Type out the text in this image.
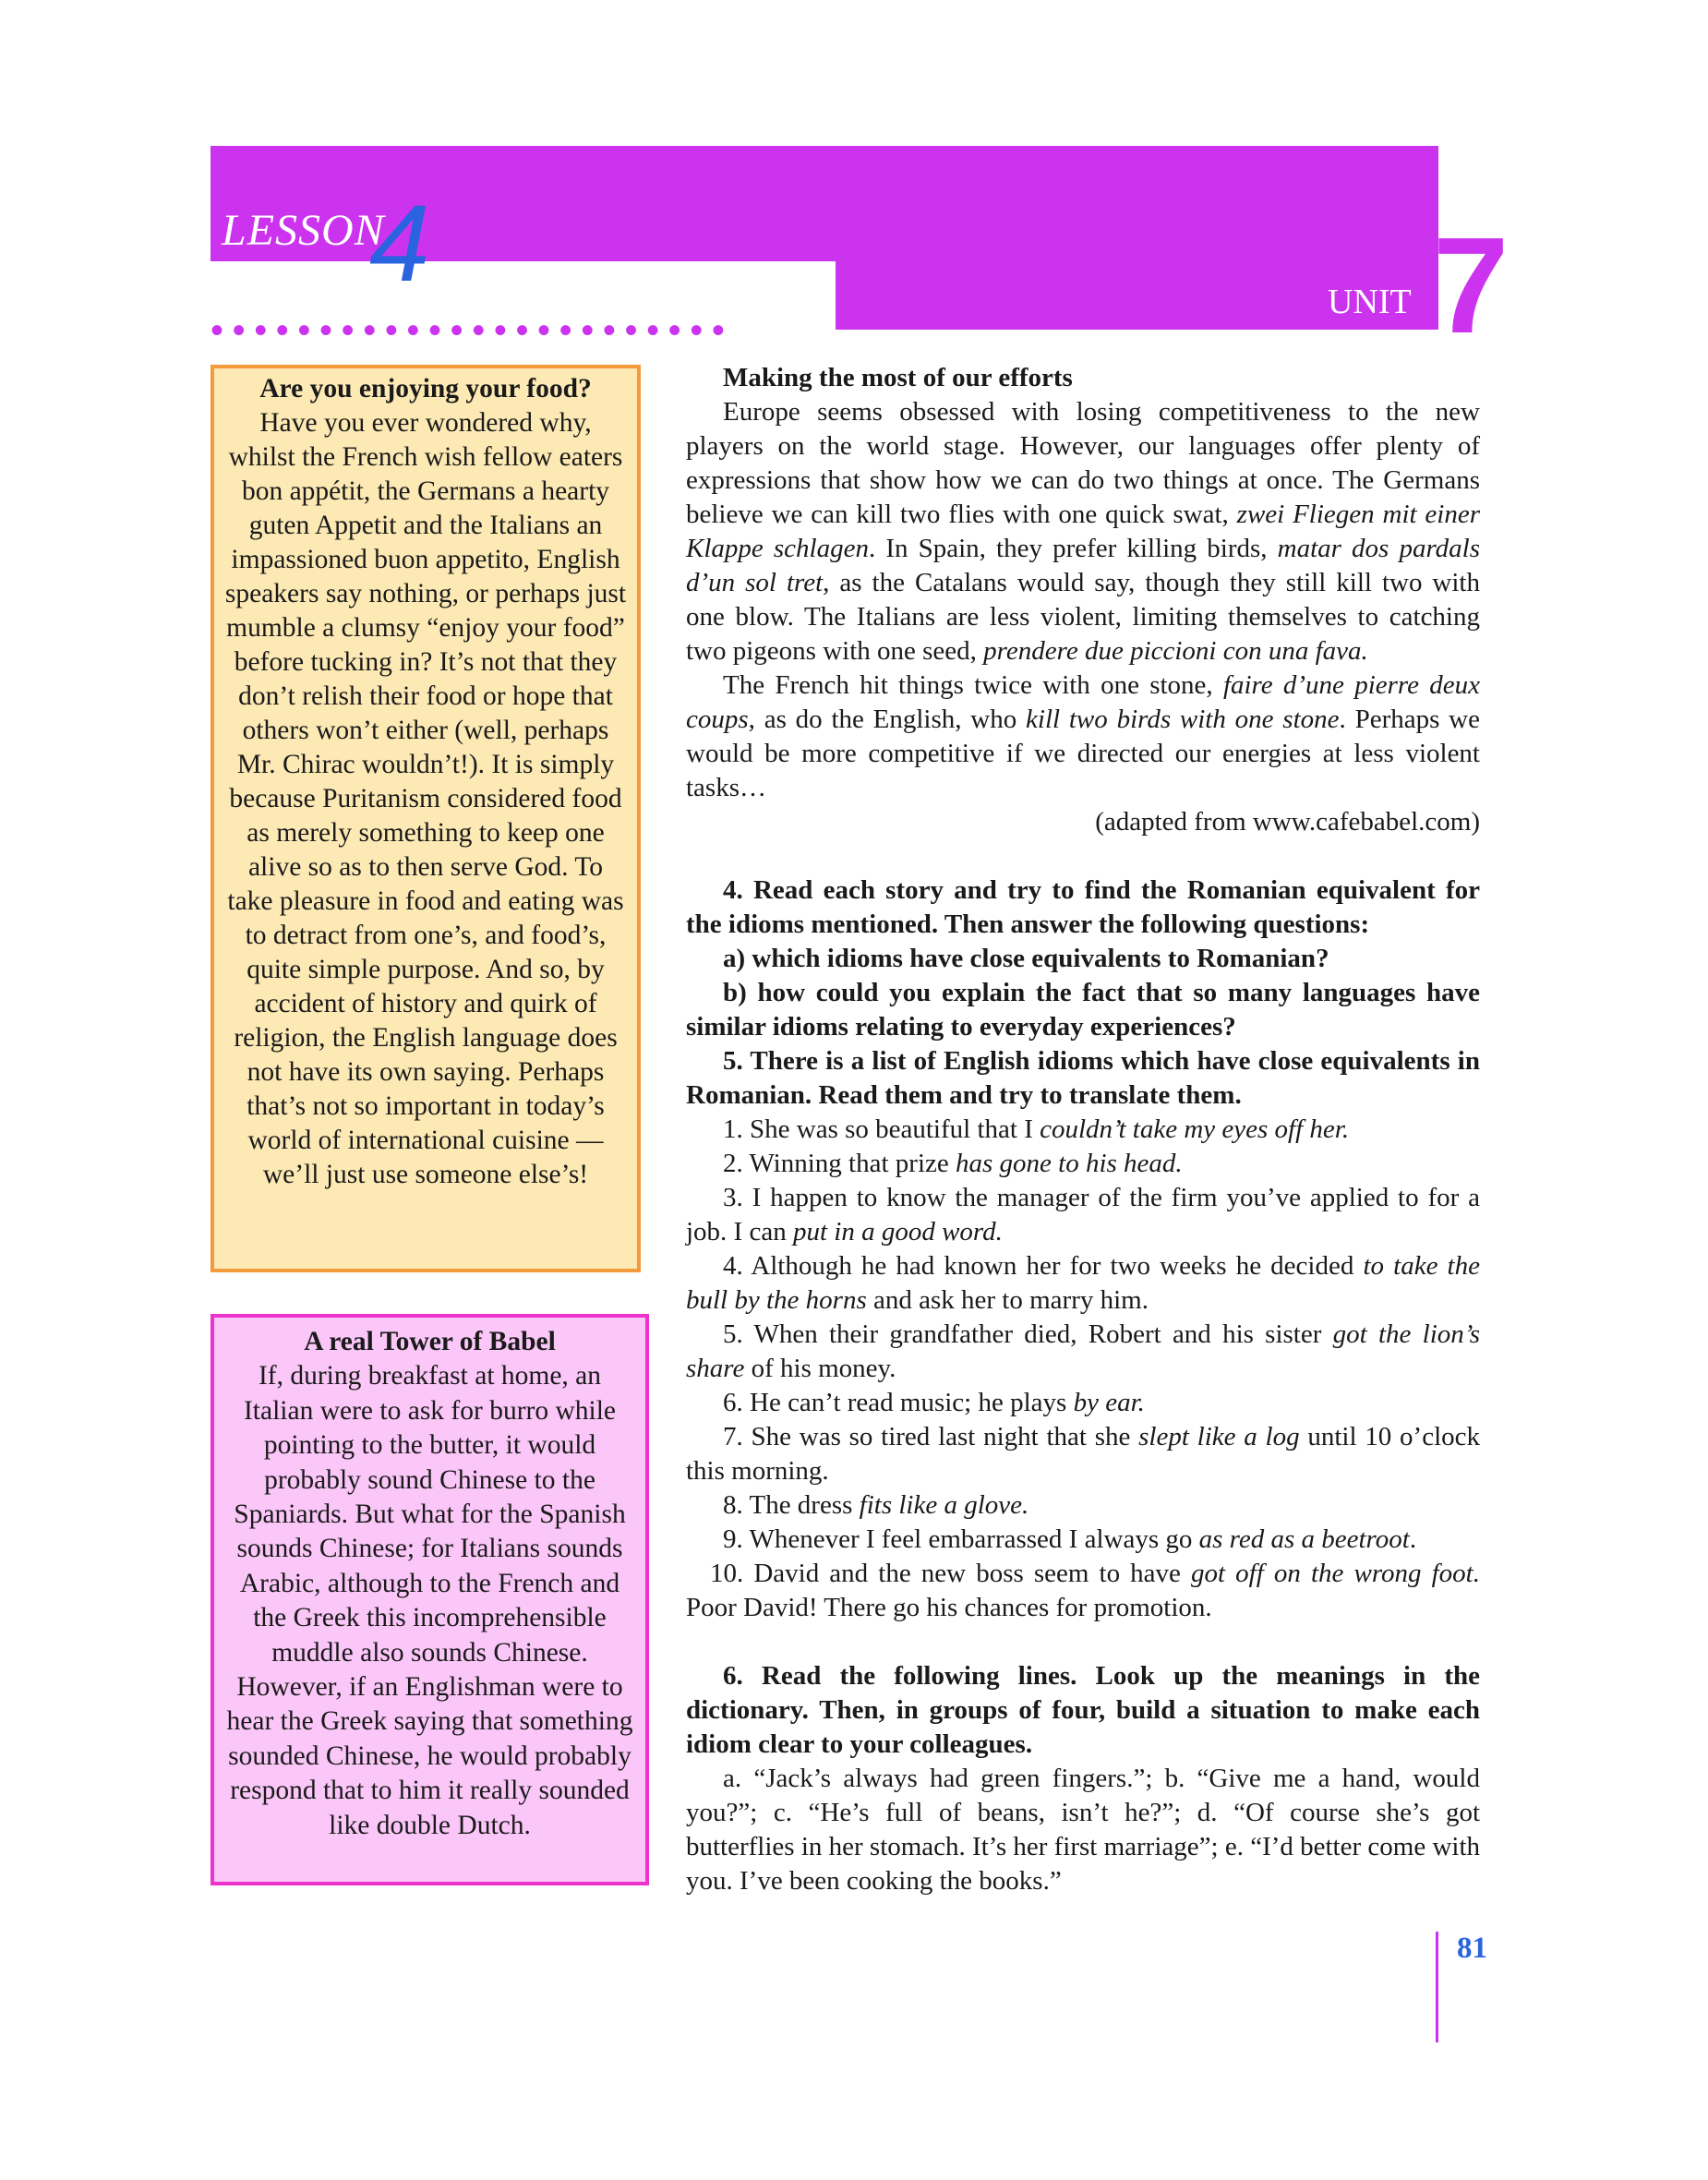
LESSON
4
••••••••••••••••••••••••
UNIT 7
Are you enjoying your food?
Have you ever wondered why, whilst the French wish fellow eaters bon appétit, the Germans a hearty guten Appetit and the Italians an impassioned buon appetito, English speakers say nothing, or perhaps just mumble a clumsy “enjoy your food” before tucking in? It’s not that they don’t relish their food or hope that others won’t either (well, perhaps Mr. Chirac wouldn’t!). It is simply because Puritanism considered food as merely something to keep one alive so as to then serve God. To take pleasure in food and eating was to detract from one’s, and food’s, quite simple purpose. And so, by accident of history and quirk of religion, the English language does not have its own saying. Perhaps that’s not so important in today’s world of international cuisine — we’ll just use someone else’s!
A real Tower of Babel
If, during breakfast at home, an Italian were to ask for burro while pointing to the butter, it would probably sound Chinese to the Spaniards. But what for the Spanish sounds Chinese; for Italians sounds Arabic, although to the French and the Greek this incomprehensible muddle also sounds Chinese. However, if an Englishman were to hear the Greek saying that something sounded Chinese, he would probably respond that to him it really sounded like double Dutch.

Making the most of our efforts

Europe seems obsessed with losing competitiveness to the new players on the world stage. However, our languages offer plenty of expressions that show how we can do two things at once. The Germans believe we can kill two flies with one quick swat, zwei Fliegen mit einer Klappe schlagen. In Spain, they prefer killing birds, matar dos pardals d’un sol tret, as the Catalans would say, though they still kill two with one blow. The Italians are less violent, limiting themselves to catching two pigeons with one seed, prendere due piccioni con una fava.

The French hit things twice with one stone, faire d’une pierre deux coups, as do the English, who kill two birds with one stone. Perhaps we would be more competitive if we directed our energies at less violent tasks…

(adapted from www.cafebabel.com)

4. Read each story and try to find the Romanian equivalent for the idioms mentioned. Then answer the following questions:

a) which idioms have close equivalents to Romanian?

b) how could you explain the fact that so many languages have similar idioms relating to everyday experiences?

5. There is a list of English idioms which have close equivalents in Romanian. Read them and try to translate them.

1. She was so beautiful that I couldn’t take my eyes off her.

2. Winning that prize has gone to his head.

3. I happen to know the manager of the firm you’ve applied to for a job. I can put in a good word.

4. Although he had known her for two weeks he decided to take the bull by the horns and ask her to marry him.

5. When their grandfather died, Robert and his sister got the lion’s share of his money.

6. He can’t read music; he plays by ear.

7. She was so tired last night that she slept like a log until 10 o’clock this morning.

8. The dress fits like a glove.

9. Whenever I feel embarrassed I always go as red as a beetroot.

10. David and the new boss seem to have got off on the wrong foot. Poor David! There go his chances for promotion.

6. Read the following lines. Look up the meanings in the dictionary. Then, in groups of four, build a situation to make each idiom clear to your colleagues.

a. “Jack’s always had green fingers.”; b. “Give me a hand, would you?”; c. “He’s full of beans, isn’t he?”; d. “Of course she’s got butterflies in her stomach. It’s her first marriage”; e. “I’d better come with you. I’ve been cooking the books.”

81
